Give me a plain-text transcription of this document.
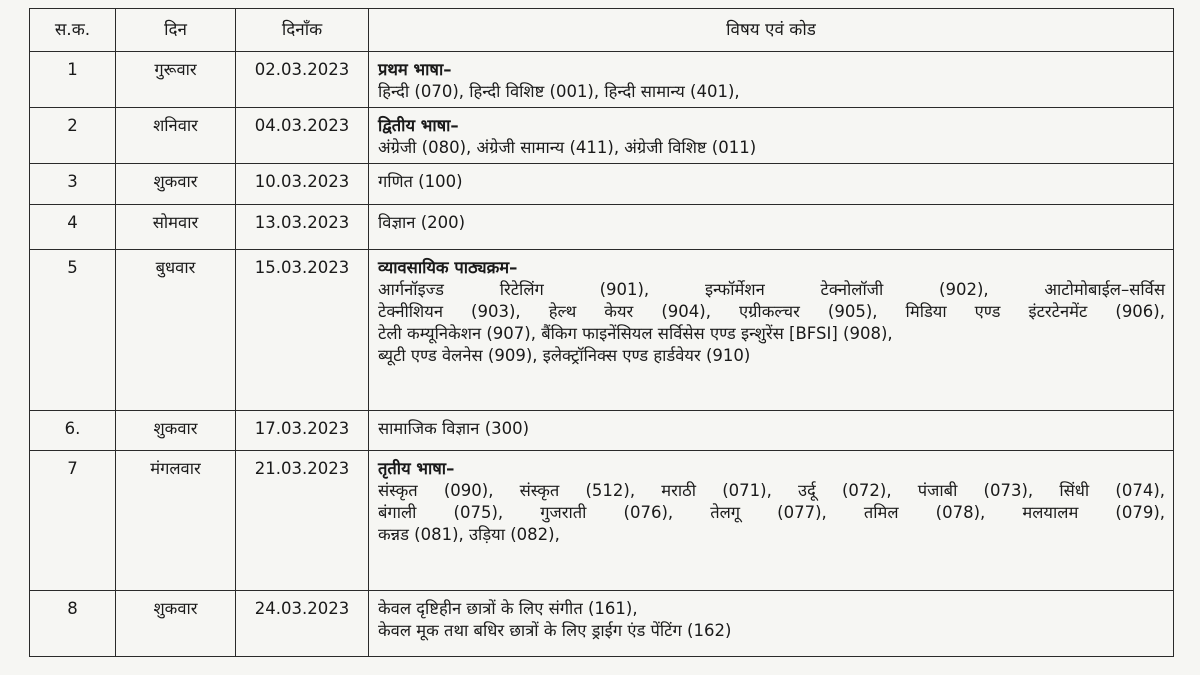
स.क.	दिन	दिनाँक	विषय एवं कोड
1	गुरूवार	02.03.2023	प्रथम भाषा–
हिन्दी (070), हिन्दी विशिष्ट (001), हिन्दी सामान्य (401),

2	शनिवार	04.03.2023	द्वितीय भाषा–
अंग्रेजी (080), अंग्रेजी सामान्य (411), अंग्रेजी विशिष्ट (011)

3	शुकवार	10.03.2023	गणित (100)

4	सोमवार	13.03.2023	विज्ञान (200)

5	बुधवार	15.03.2023	व्यावसायिक पाठ्यक्रम–
आर्गनॉइज्ड रिटेलिंग (901), इन्फॉर्मेशन टेक्नोलॉजी (902), आटोमोबाईल–सर्विस
टेक्नीशियन (903), हेल्थ केयर (904), एग्रीकल्चर (905), मिडिया एण्ड इंटरटेनमेंट (906),
टेली कम्यूनिकेशन (907), बैंकिग फाइनेंसियल सर्विसेस एण्ड इन्शुरेंस [BFSI] (908),
ब्यूटी एण्ड वेलनेस (909), इलेक्ट्रॉनिक्स एण्ड हार्डवेयर (910)

6.	शुकवार	17.03.2023	सामाजिक विज्ञान (300)

7	मंगलवार	21.03.2023	तृतीय भाषा–
संस्कृत (090), संस्कृत (512), मराठी (071), उर्दू (072), पंजाबी (073), सिंधी (074),
बंगाली (075), गुजराती (076), तेलगू (077), तमिल (078), मलयालम (079),
कन्नड (081), उड़िया (082),

8	शुकवार	24.03.2023	केवल दृष्टिहीन छात्रों के लिए संगीत (161),
केवल मूक तथा बधिर छात्रों के लिए ड्राईग एंड पेंटिंग (162)
